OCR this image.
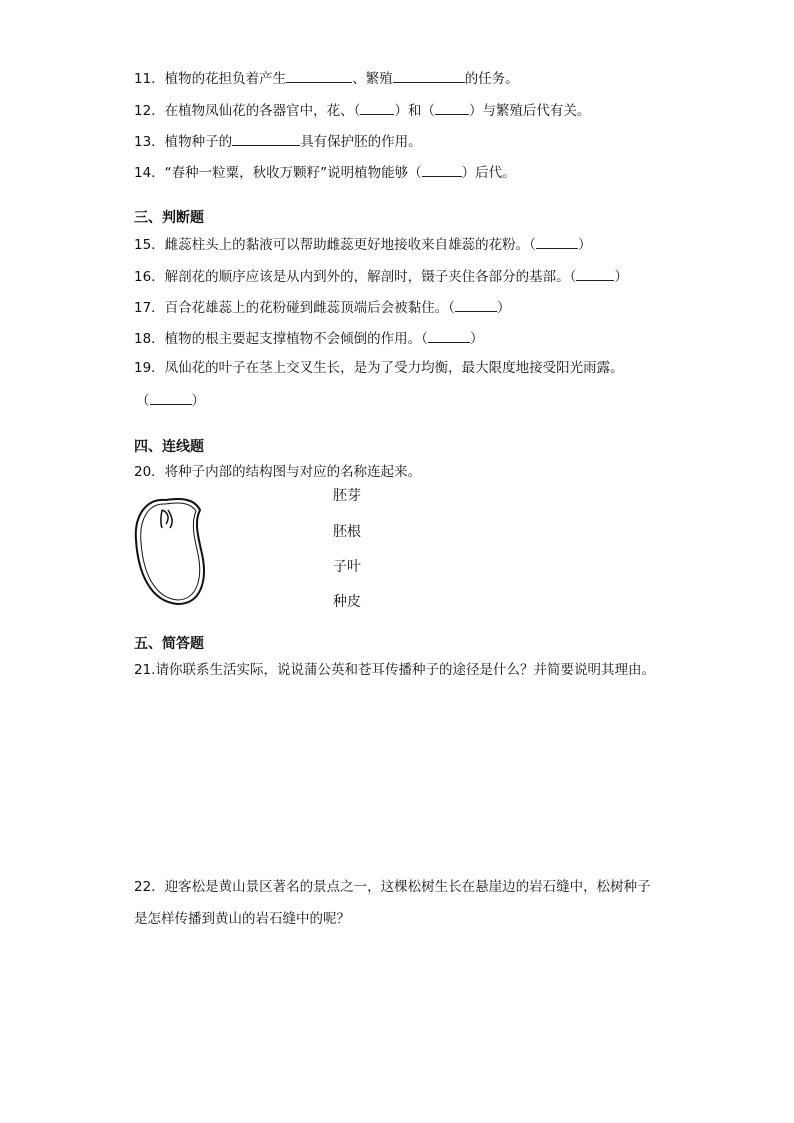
11．植物的花担负着产生	、繁殖	的任务。
12．在植物凤仙花的各器官中，花、（	）和（	）与繁殖后代有关。
13．植物种子的	具有保护胚的作用。
14．“春种一粒粟，秋收万颗籽”说明植物能够（	）后代。
三、判断题
15．雌蕊柱头上的黏液可以帮助雌蕊更好地接收来自雄蕊的花粉。（	）
16．解剖花的顺序应该是从内到外的，解剖时，镊子夹住各部分的基部。（	）
17．百合花雄蕊上的花粉碰到雌蕊顶端后会被黏住。（	）
18．植物的根主要起支撑植物不会倾倒的作用。（	）
19．凤仙花的叶子在茎上交叉生长，是为了受力均衡，最大限度地接受阳光雨露。
（	）
四、连线题
20．将种子内部的结构图与对应的名称连起来。
胚芽
胚根
子叶
种皮
五、简答题
21.请你联系生活实际，说说蒲公英和苍耳传播种子的途径是什么？并简要说明其理由。
22．迎客松是黄山景区著名的景点之一，这棵松树生长在悬崖边的岩石缝中，松树种子
是怎样传播到黄山的岩石缝中的呢？
